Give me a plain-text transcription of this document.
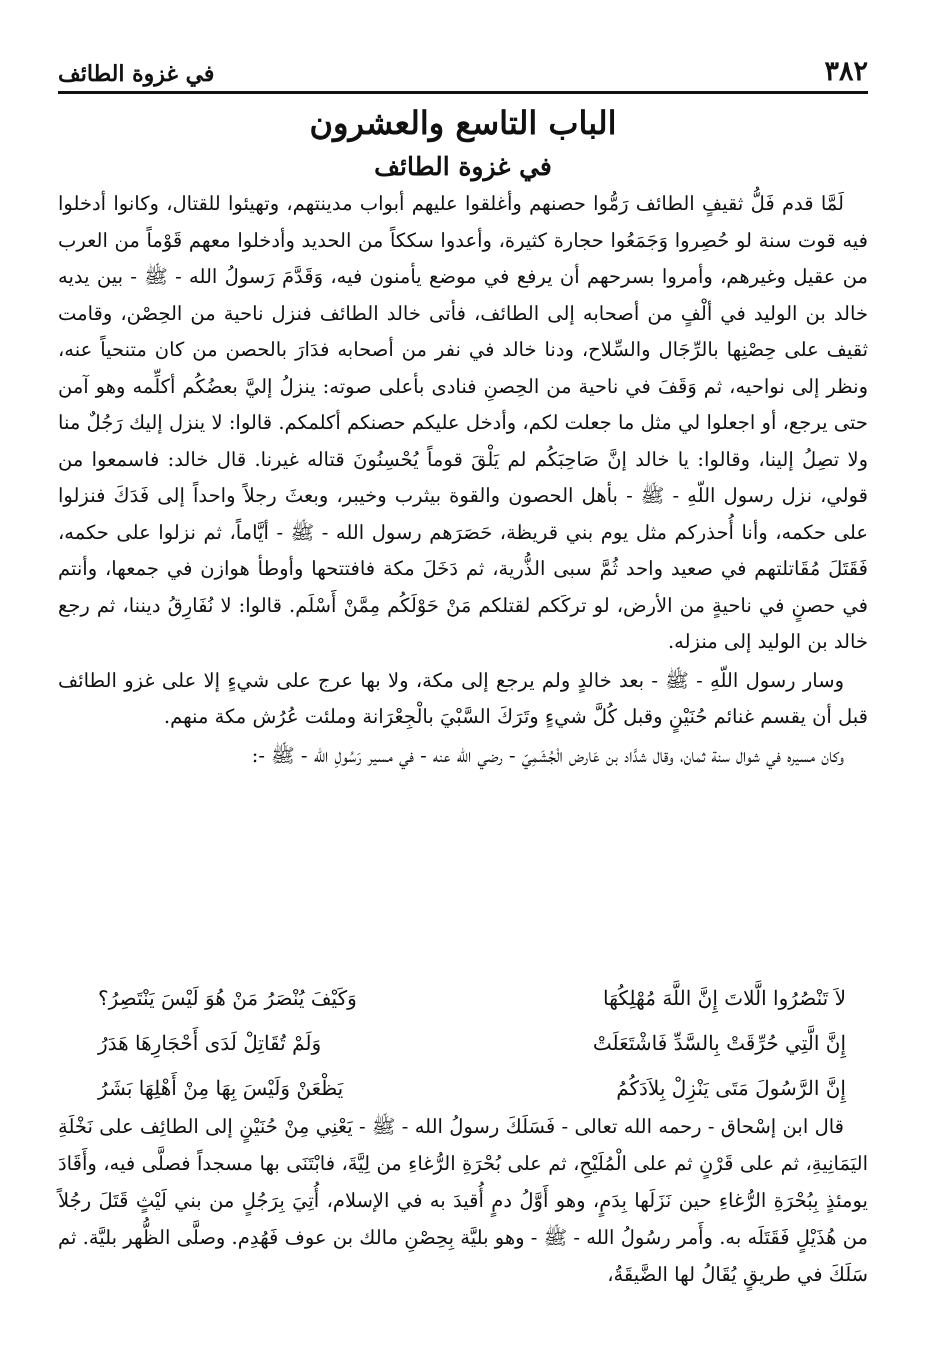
٣٨٢
في غزوة الطائف
الباب التاسع والعشرون
في غزوة الطائف

لَمَّا قدم فَلُّ ثقيفٍ الطائف رَمُّوا حصنهم وأغلقوا عليهم أبواب مدينتهم، وتهيئوا للقتال، وكانوا أدخلوا فيه قوت سنة لو حُصِروا وَجَمَعُوا حجارة كثيرة، وأعدوا سككاً من الحديد وأدخلوا معهم قَوْماً من العرب من عقيل وغيرهم، وأمروا بسرحهم أن يرفع في موضع يأمنون فيه، وَقَدَّمَ رَسولُ الله - ﷺ - بين يديه خالد بن الوليد في ألْفٍ من أصحابه إلى الطائف، فأتى خالد الطائف فنزل ناحية من الحِصْن، وقامت ثقيف على حِصْنِها بالرِّجَال والسِّلاح، ودنا خالد في نفر من أصحابه فدَارَ بالحصن من كان متنحياً عنه، ونظر إلى نواحيه، ثم وَقَفَ في ناحية من الحِصنِ فنادى بأعلى صوته: ينزلُ إليَّ بعضُكُم أكلِّمه وهو آمن حتى يرجع، أو اجعلوا لي مثل ما جعلت لكم، وأدخل عليكم حصنكم أكلمكم. قالوا: لا ينزل إليك رَجُلٌ منا ولا تصِلُ إلينا، وقالوا: يا خالد إنَّ صَاحِبَكُم لم يَلْقَ قوماً يُحْسِنُونَ قتاله غيرنا. قال خالد: فاسمعوا من قولي، نزل رسول اللّهِ - ﷺ - بأهل الحصون والقوة بيثرب وخيبر، وبعثَ رجلاً واحداً إلى فَدَكَ فنزلوا على حكمه، وأنا أُحذركم مثل يوم بني قريظة، حَصَرَهم رسول الله - ﷺ - أيَّاماً، ثم نزلوا على حكمه، فَقَتَلَ مُقَاتلتهم في صعيد واحد ثُمَّ سبى الذُّرية، ثم دَخَلَ مكة فافتتحها وأوطأ هوازن في جمعها، وأنتم في حصنٍ في ناحيةٍ من الأرض، لو تركَكم لقتلكم مَنْ حَوْلَكُم مِمَّنْ أَسْلَم. قالوا: لا نُفَارِقُ ديننا، ثم رجع خالد بن الوليد إلى منزله.

وسار رسول اللّهِ - ﷺ - بعد خالدٍ ولم يرجع إلى مكة، ولا بها عرج على شيءٍ إلا على غزو الطائف قبل أن يقسم غنائم حُنَيْنٍ وقبل كُلَّ شيءٍ وتَرَكَ السَّبْيَ بالْجِعْرَانة وملئت عُرُش مكة منهم.

وكان مسيره في شوال سنة ثمان، وقال شدَّاد بن عَارض الْجُشَمِيّ - رضي الله عنه - في مسير رَسُولِ الله - ﷺ -:

لاَ تَنْصُرُوا الَّلاتَ إِنَّ اللَّهَ مُهْلِكُهَا
وَكَيْفَ يُنْصَرُ مَنْ هُوَ لَيْسَ يَنْتَصِرُ؟
إِنَّ الَّتِي حُرِّقَتْ بِالسَّدِّ فَاشْتَعَلَتْ
وَلَمْ تُقَاتِلْ لَدَى أَحْجَارِهَا هَدَرُ
إِنَّ الرَّسُولَ مَتَى يَنْزِلْ بِلاَدَكُمُ
يَظْعَنْ وَلَيْسَ بِهَا مِنْ أَهْلِهَا بَشَرُ

قال ابن إسْحاق - رحمه الله تعالى - فَسَلَكَ رسولُ الله - ﷺ - يَعْنِي مِنْ حُنَيْنٍ إلى الطائِف على نَخْلَةِ اليَمَانِيةِ، ثم على قَرْنٍ ثم على الْمُلَيْحِ، ثم على بُحْرَةِ الرُّغاءِ من لِيَّةَ، فابْتَنَى بها مسجداً فصلَّى فيه، وأَقَادَ يومئذٍ بِبُحْرَةِ الرُّغاءِ حين نَزَلَها بِدَمٍ، وهو أَوَّلُ دمٍ أُقيدَ به في الإسلام، أُتِيَ بِرَجُلٍ من بني لَيْثٍ قَتَلَ رجُلاً من هُذَيْلٍ فَقَتَلَه به. وأَمر رسُولُ الله - ﷺ - وهو بليَّة بِحِصْنِ مالك بن عوف فَهُدِم. وصلَّى الظُّهر بليَّة. ثم سَلَكَ في طريقٍ يُقَالُ لها الضَّيقَةُ،
